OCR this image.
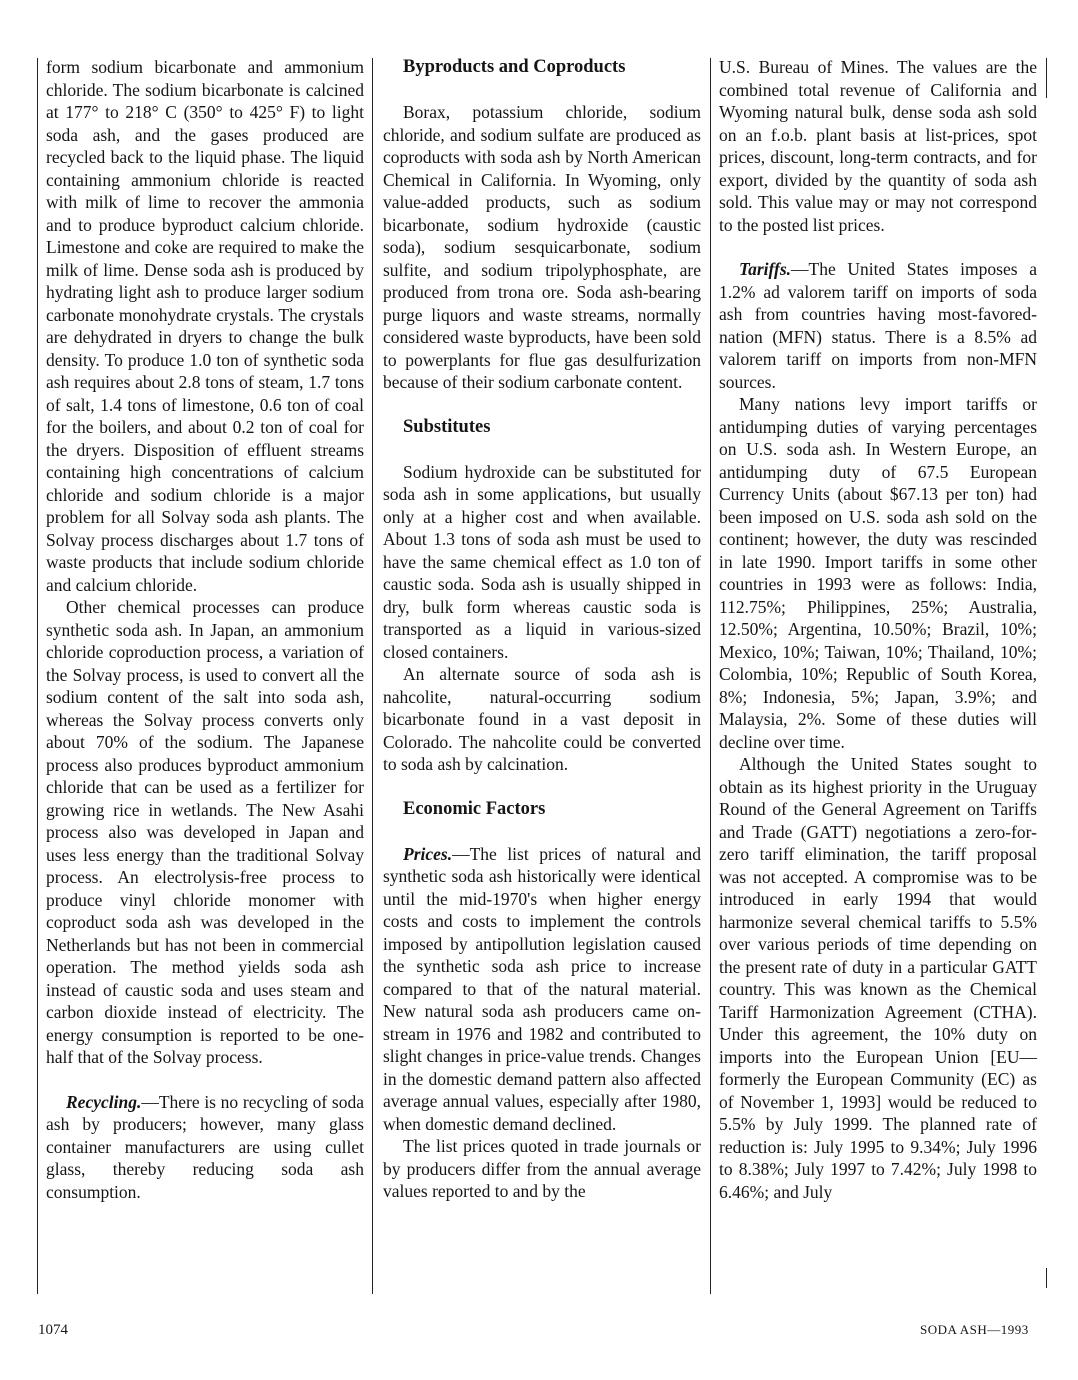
form sodium bicarbonate and ammonium chloride. The sodium bicarbonate is calcined at 177° to 218° C (350° to 425° F) to light soda ash, and the gases produced are recycled back to the liquid phase. The liquid containing ammonium chloride is reacted with milk of lime to recover the ammonia and to produce byproduct calcium chloride. Limestone and coke are required to make the milk of lime. Dense soda ash is produced by hydrating light ash to produce larger sodium carbonate monohydrate crystals. The crystals are dehydrated in dryers to change the bulk density. To produce 1.0 ton of synthetic soda ash requires about 2.8 tons of steam, 1.7 tons of salt, 1.4 tons of limestone, 0.6 ton of coal for the boilers, and about 0.2 ton of coal for the dryers. Disposition of effluent streams containing high concentrations of calcium chloride and sodium chloride is a major problem for all Solvay soda ash plants. The Solvay process discharges about 1.7 tons of waste products that include sodium chloride and calcium chloride.

Other chemical processes can produce synthetic soda ash. In Japan, an ammonium chloride coproduction process, a variation of the Solvay process, is used to convert all the sodium content of the salt into soda ash, whereas the Solvay process converts only about 70% of the sodium. The Japanese process also produces byproduct ammonium chloride that can be used as a fertilizer for growing rice in wetlands. The New Asahi process also was developed in Japan and uses less energy than the traditional Solvay process. An electrolysis-free process to produce vinyl chloride monomer with coproduct soda ash was developed in the Netherlands but has not been in commercial operation. The method yields soda ash instead of caustic soda and uses steam and carbon dioxide instead of electricity. The energy consumption is reported to be one-half that of the Solvay process.

Recycling.—There is no recycling of soda ash by producers; however, many glass container manufacturers are using cullet glass, thereby reducing soda ash consumption.

Byproducts and Coproducts

Borax, potassium chloride, sodium chloride, and sodium sulfate are produced as coproducts with soda ash by North American Chemical in California. In Wyoming, only value-added products, such as sodium bicarbonate, sodium hydroxide (caustic soda), sodium sesquicarbonate, sodium sulfite, and sodium tripolyphosphate, are produced from trona ore. Soda ash-bearing purge liquors and waste streams, normally considered waste byproducts, have been sold to powerplants for flue gas desulfurization because of their sodium carbonate content.

Substitutes

Sodium hydroxide can be substituted for soda ash in some applications, but usually only at a higher cost and when available. About 1.3 tons of soda ash must be used to have the same chemical effect as 1.0 ton of caustic soda. Soda ash is usually shipped in dry, bulk form whereas caustic soda is transported as a liquid in various-sized closed containers.

An alternate source of soda ash is nahcolite, natural-occurring sodium bicarbonate found in a vast deposit in Colorado. The nahcolite could be converted to soda ash by calcination.

Economic Factors

Prices.—The list prices of natural and synthetic soda ash historically were identical until the mid-1970's when higher energy costs and costs to implement the controls imposed by antipollution legislation caused the synthetic soda ash price to increase compared to that of the natural material. New natural soda ash producers came on-stream in 1976 and 1982 and contributed to slight changes in price-value trends. Changes in the domestic demand pattern also affected average annual values, especially after 1980, when domestic demand declined.

The list prices quoted in trade journals or by producers differ from the annual average values reported to and by the

U.S. Bureau of Mines. The values are the combined total revenue of California and Wyoming natural bulk, dense soda ash sold on an f.o.b. plant basis at list-prices, spot prices, discount, long-term contracts, and for export, divided by the quantity of soda ash sold. This value may or may not correspond to the posted list prices.

Tariffs.—The United States imposes a 1.2% ad valorem tariff on imports of soda ash from countries having most-favored-nation (MFN) status. There is a 8.5% ad valorem tariff on imports from non-MFN sources.

Many nations levy import tariffs or antidumping duties of varying percentages on U.S. soda ash. In Western Europe, an antidumping duty of 67.5 European Currency Units (about $67.13 per ton) had been imposed on U.S. soda ash sold on the continent; however, the duty was rescinded in late 1990. Import tariffs in some other countries in 1993 were as follows: India, 112.75%; Philippines, 25%; Australia, 12.50%; Argentina, 10.50%; Brazil, 10%; Mexico, 10%; Taiwan, 10%; Thailand, 10%; Colombia, 10%; Republic of South Korea, 8%; Indonesia, 5%; Japan, 3.9%; and Malaysia, 2%. Some of these duties will decline over time.

Although the United States sought to obtain as its highest priority in the Uruguay Round of the General Agreement on Tariffs and Trade (GATT) negotiations a zero-for-zero tariff elimination, the tariff proposal was not accepted. A compromise was to be introduced in early 1994 that would harmonize several chemical tariffs to 5.5% over various periods of time depending on the present rate of duty in a particular GATT country. This was known as the Chemical Tariff Harmonization Agreement (CTHA). Under this agreement, the 10% duty on imports into the European Union [EU—formerly the European Community (EC) as of November 1, 1993] would be reduced to 5.5% by July 1999. The planned rate of reduction is: July 1995 to 9.34%; July 1996 to 8.38%; July 1997 to 7.42%; July 1998 to 6.46%; and July

1074	SODA ASH—1993
